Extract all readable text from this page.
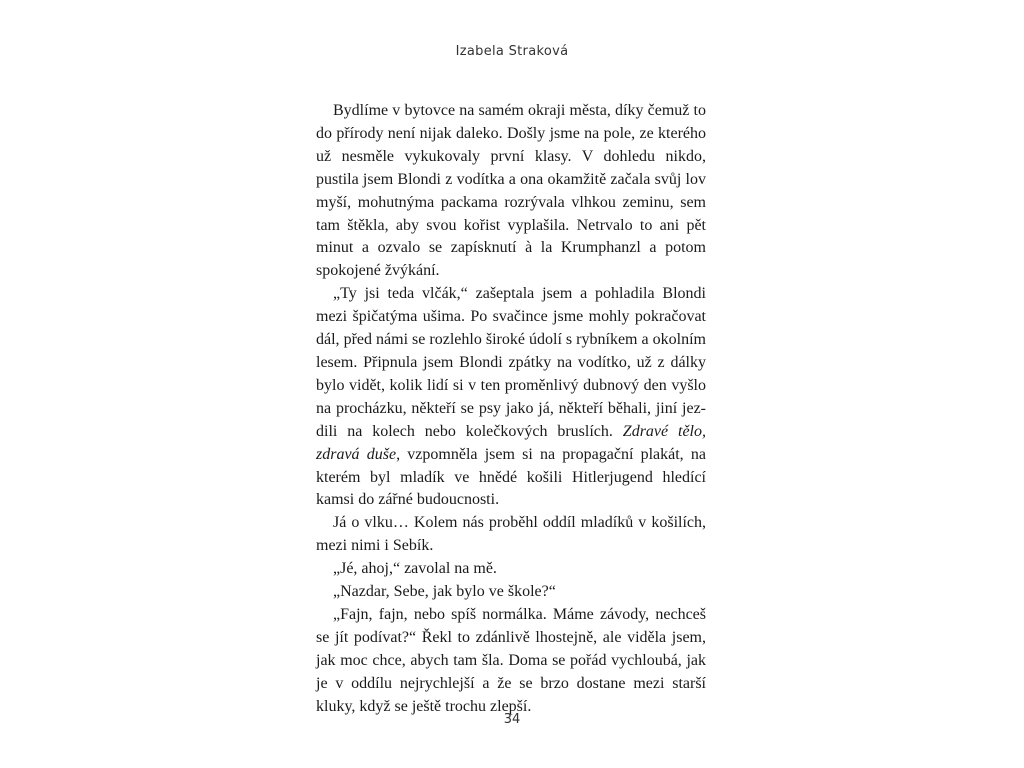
Izabela Straková

Bydlíme v bytovce na samém okraji města, díky čemuž to do přírody není nijak daleko. Došly jsme na pole, ze kterého už nesměle vykukovaly první klasy. V dohledu nikdo, pustila jsem Blondi z vodítka a ona okamžitě začala svůj lov myší, mohutnýma packama rozrývala vlhkou zeminu, sem tam štěkla, aby svou kořist vyplašila. Netrvalo to ani pět minut a ozvalo se zapísknutí à la Krumphanzl a potom spokojené žvýkání.

„Ty jsi teda vlčák,“ zašeptala jsem a pohladila Blondi mezi špičatýma ušima. Po svačince jsme mohly pokračovat dál, před námi se rozlehlo široké údolí s rybníkem a okolním lesem. Připnula jsem Blondi zpátky na vodítko, už z dálky bylo vidět, kolik lidí si v ten proměnlivý dubnový den vyšlo na procházku, někteří se psy jako já, někteří běhali, jiní jezdili na kolech nebo kolečkových bruslích. Zdravé tělo, zdravá duše, vzpomněla jsem si na propagační plakát, na kterém byl mladík ve hnědé košili Hitlerjugend hledící kamsi do zářné budoucnosti.

Já o vlku… Kolem nás proběhl oddíl mladíků v košilích, mezi nimi i Sebík.

„Jé, ahoj,“ zavolal na mě.

„Nazdar, Sebe, jak bylo ve škole?“

„Fajn, fajn, nebo spíš normálka. Máme závody, nechceš se jít podívat?“ Řekl to zdánlivě lhostejně, ale viděla jsem, jak moc chce, abych tam šla. Doma se pořád vychloubá, jak je v oddílu nejrychlejší a že se brzo dostane mezi starší kluky, když se ještě trochu zlepší.

34
